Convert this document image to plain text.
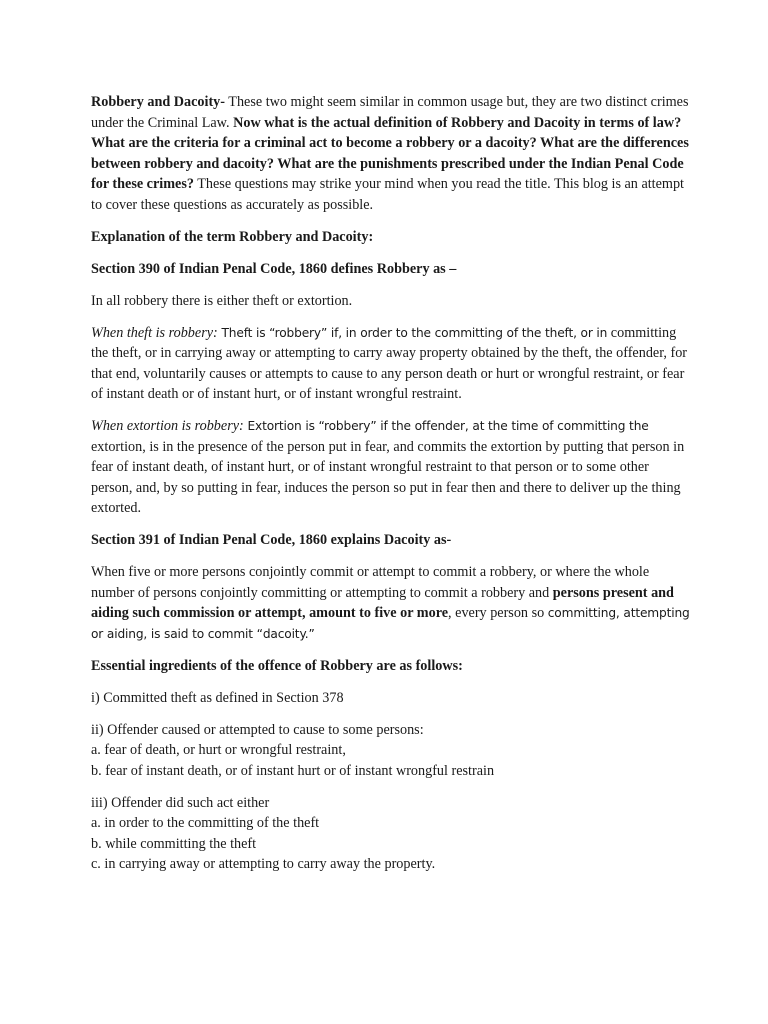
Robbery and Dacoity- These two might seem similar in common usage but, they are two distinct crimes under the Criminal Law. Now what is the actual definition of Robbery and Dacoity in terms of law? What are the criteria for a criminal act to become a robbery or a dacoity? What are the differences between robbery and dacoity? What are the punishments prescribed under the Indian Penal Code for these crimes? These questions may strike your mind when you read the title. This blog is an attempt to cover these questions as accurately as possible.

Explanation of the term Robbery and Dacoity:

Section 390 of Indian Penal Code, 1860 defines Robbery as –

In all robbery there is either theft or extortion.

When theft is robbery: Theft is “robbery” if, in order to the committing of the theft, or in committing the theft, or in carrying away or attempting to carry away property obtained by the theft, the offender, for that end, voluntarily causes or attempts to cause to any person death or hurt or wrongful restraint, or fear of instant death or of instant hurt, or of instant wrongful restraint.

When extortion is robbery: Extortion is “robbery” if the offender, at the time of committing the extortion, is in the presence of the person put in fear, and commits the extortion by putting that person in fear of instant death, of instant hurt, or of instant wrongful restraint to that person or to some other person, and, by so putting in fear, induces the person so put in fear then and there to deliver up the thing extorted.

Section 391 of Indian Penal Code, 1860 explains Dacoity as-

When five or more persons conjointly commit or attempt to commit a robbery, or where the whole number of persons conjointly committing or attempting to commit a robbery and persons present and aiding such commission or attempt, amount to five or more, every person so committing, attempting or aiding, is said to commit “dacoity.”

Essential ingredients of the offence of Robbery are as follows:

i) Committed theft as defined in Section 378

ii) Offender caused or attempted to cause to some persons:
a. fear of death, or hurt or wrongful restraint,
b. fear of instant death, or of instant hurt or of instant wrongful restrain

iii) Offender did such act either
a. in order to the committing of the theft
b. while committing the theft
c. in carrying away or attempting to carry away the property.
